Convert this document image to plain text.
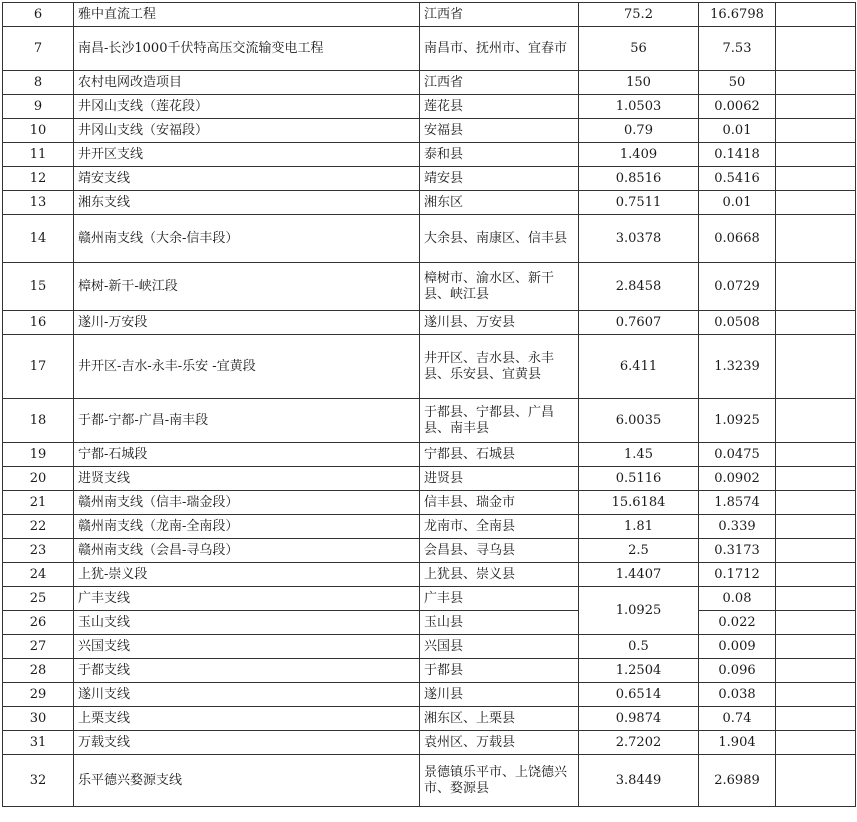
6	雅中直流工程	江西省	75.2	16.6798	
7	南昌-长沙1000千伏特高压交流输变电工程	南昌市、抚州市、宜春市	56	7.53	
8	农村电网改造项目	江西省	150	50	
9	井冈山支线（莲花段）	莲花县	1.0503	0.0062	
10	井冈山支线（安福段）	安福县	0.79	0.01	
11	井开区支线	泰和县	1.409	0.1418	
12	靖安支线	靖安县	0.8516	0.5416	
13	湘东支线	湘东区	0.7511	0.01	
14	赣州南支线（大余-信丰段）	大余县、南康区、信丰县	3.0378	0.0668	
15	樟树-新干-峡江段	樟树市、渝水区、新干县、峡江县	2.8458	0.0729	
16	遂川-万安段	遂川县、万安县	0.7607	0.0508	
17	井开区-吉水-永丰-乐安 -宜黄段	井开区、吉水县、永丰县、乐安县、宜黄县	6.411	1.3239	
18	于都-宁都-广昌-南丰段	于都县、宁都县、广昌县、南丰县	6.0035	1.0925	
19	宁都-石城段	宁都县、石城县	1.45	0.0475	
20	进贤支线	进贤县	0.5116	0.0902	
21	赣州南支线（信丰-瑞金段）	信丰县、瑞金市	15.6184	1.8574	
22	赣州南支线（龙南-全南段）	龙南市、全南县	1.81	0.339	
23	赣州南支线（会昌-寻乌段）	会昌县、寻乌县	2.5	0.3173	
24	上犹-崇义段	上犹县、崇义县	1.4407	0.1712	
25	广丰支线	广丰县	1.0925	0.08	
26	玉山支线	玉山县		0.022	
27	兴国支线	兴国县	0.5	0.009	
28	于都支线	于都县	1.2504	0.096	
29	遂川支线	遂川县	0.6514	0.038	
30	上栗支线	湘东区、上栗县	0.9874	0.74	
31	万载支线	袁州区、万载县	2.7202	1.904	
32	乐平德兴婺源支线	景德镇乐平市、上饶德兴市、婺源县	3.8449	2.6989	
